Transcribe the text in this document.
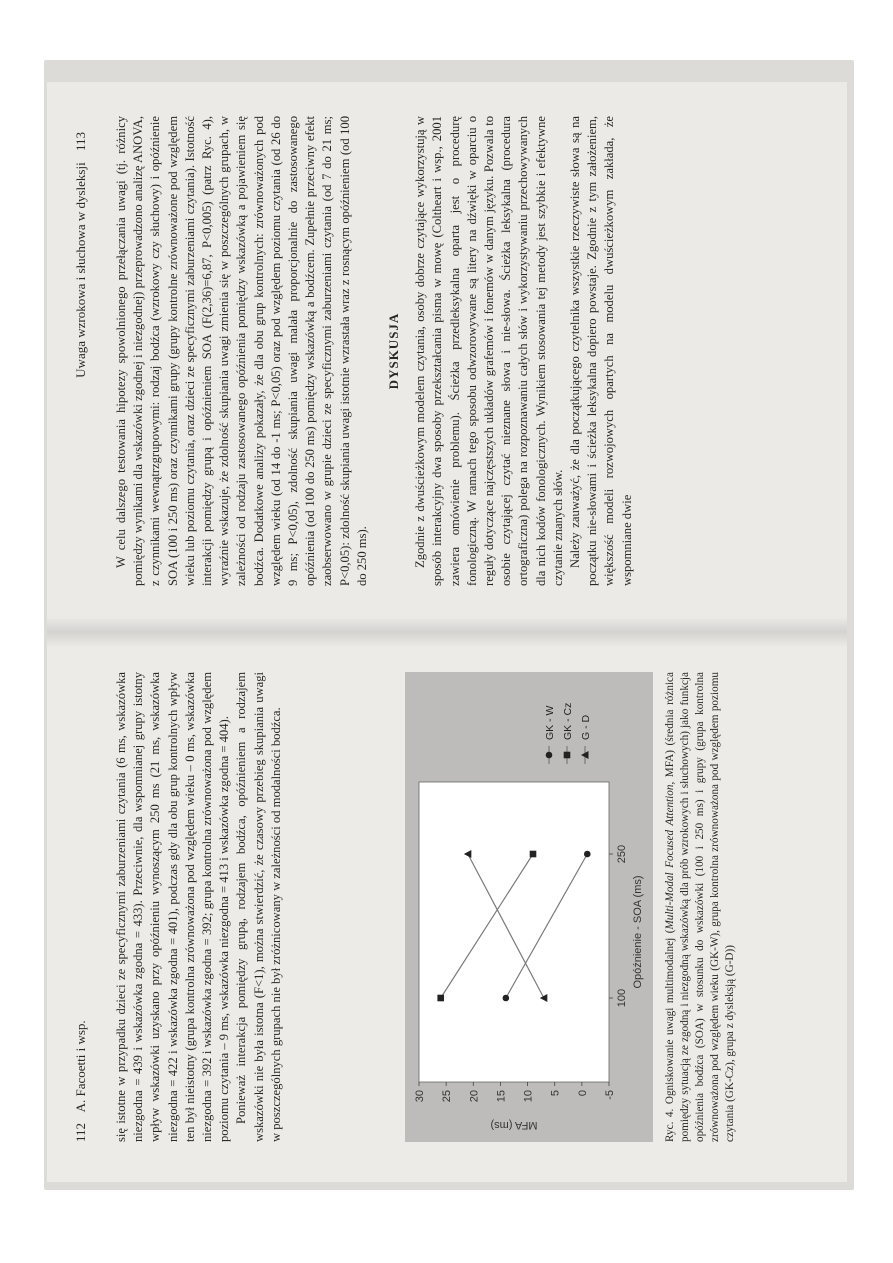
112 A. Facoetti i wsp. się istotne w przypadku dzieci ze specyficznymi zaburzeniami czytania (6 ms, wskazówka niezgodna = 439 i wskazówka zgodna = 433). Przeciwnie, dla wspomnianej grupy istotny wpływ wskazówki uzyskano przy opóźnieniu wynoszącym 250 ms (21 ms, wskazówka niezgodna = 422 i wskazówka zgodna = 401), podczas gdy dla obu grup kontrolnych wpływ ten był nieistotny (grupa kontrolna zrównoważona pod względem wieku – 0 ms, wskazówka niezgodna = 392 i wskazówka zgodna = 392; grupa kontrolna zrównoważona pod względem poziomu czytania – 9 ms, wskazówka niezgodna = 413 i wskazówka zgodna = 404). Ponieważ interakcja pomiędzy grupą, rodzajem bodźca, opóźnieniem a rodzajem wskazówki nie była istotna (F<1), można stwierdzić, że czasowy przebieg skupiania uwagi w poszczególnych grupach nie był zróżnicowany w zależności od modalności bodźca.	-5
0
5
10
15
20
25
30
MFA (ms)
100
250
Opóźnienie - SOA (ms)
GK - W GK - Cz G - D
Ryc. 4. Ogniskowanie uwagi multimodalnej (Multi-Modal Focused Attention, MFA) (średnia różnica pomiędzy sytuacją ze zgodną i niezgodną wskazówką dla prób wzrokowych i słuchowych) jako funkcja opóźnienia bodźca (SOA) w stosunku do wskazówki (100 i 250 ms) i grupy (grupa kontrolna zrównoważona pod względem wieku (GK-W), grupa kontrolna zrównoważona pod względem poziomu czytania (GK-Cz), grupa z dysleksją (G-D))
Uwaga wzrokowa i słuchowa w dysleksji 113 W celu dalszego testowania hipotezy spowolnionego przełączania uwagi (tj. różnicy pomiędzy wynikami dla wskazówki zgodnej i niezgodnej) przeprowadzono analizę ANOVA, z czynnikami wewnątrzgrupowymi: rodzaj bodźca (wzrokowy czy słuchowy) i opóźnienie SOA (100 i 250 ms) oraz czynnikami grupy (grupy kontrolne zrównoważone pod względem wieku lub poziomu czytania, oraz dzieci ze specyficznymi zaburzeniami czytania). Istotność interakcji pomiędzy grupą i opóźnieniem SOA (F(2,36)=6,87, P<0,005) (patrz Ryc. 4), wyraźnie wskazuje, że zdolność skupiania uwagi zmienia się w poszczególnych grupach, w zależności od rodzaju zastosowanego opóźnienia pomiędzy wskazówką a pojawieniem się bodźca. Dodatkowe analizy pokazały, że dla obu grup kontrolnych: zrównoważonych pod względem wieku (od 14 do -1 ms; P<0,05) oraz pod względem poziomu czytania (od 26 do 9 ms; P<0,05), zdolność skupiania uwagi malała proporcjonalnie do zastosowanego opóźnienia (od 100 do 250 ms) pomiędzy wskazówką a bodźcem. Zupełnie przeciwny efekt zaobserwowano w grupie dzieci ze specyficznymi zaburzeniami czytania (od 7 do 21 ms; P<0,05): zdolność skupiania uwagi istotnie wzrastała wraz z rosnącym opóźnieniem (od 100 do 250 ms).

DYSKUSJA Zgodnie z dwuścieżkowym modelem czytania, osoby dobrze czytające wykorzystują w sposób interakcyjny dwa sposoby przekształcania pisma w mowę (Coltheart i wsp., 2001 zawiera omówienie problemu). Ścieżka przedleksykalna oparta jest o procedurę fonologiczną. W ramach tego sposobu odwzorowywane są litery na dźwięki w oparciu o reguły dotyczące najczęstszych układów grafemów i fonemów w danym języku. Pozwala to osobie czytającej czytać nieznane słowa i nie-słowa. Ścieżka leksykalna (procedura ortograficzna) polega na rozpoznawaniu całych słów i wykorzystywaniu przechowywanych dla nich kodów fonologicznych. Wynikiem stosowania tej metody jest szybkie i efektywne czytanie znanych słów. Należy zauważyć, że dla początkującego czytelnika wszystkie rzeczywiste słowa są na początku nie-słowami i ścieżka leksykalna dopiero powstaje. Zgodnie z tym założeniem, większość modeli rozwojowych opartych na modelu dwuścieżkowym zakłada, że wspomniane dwie
